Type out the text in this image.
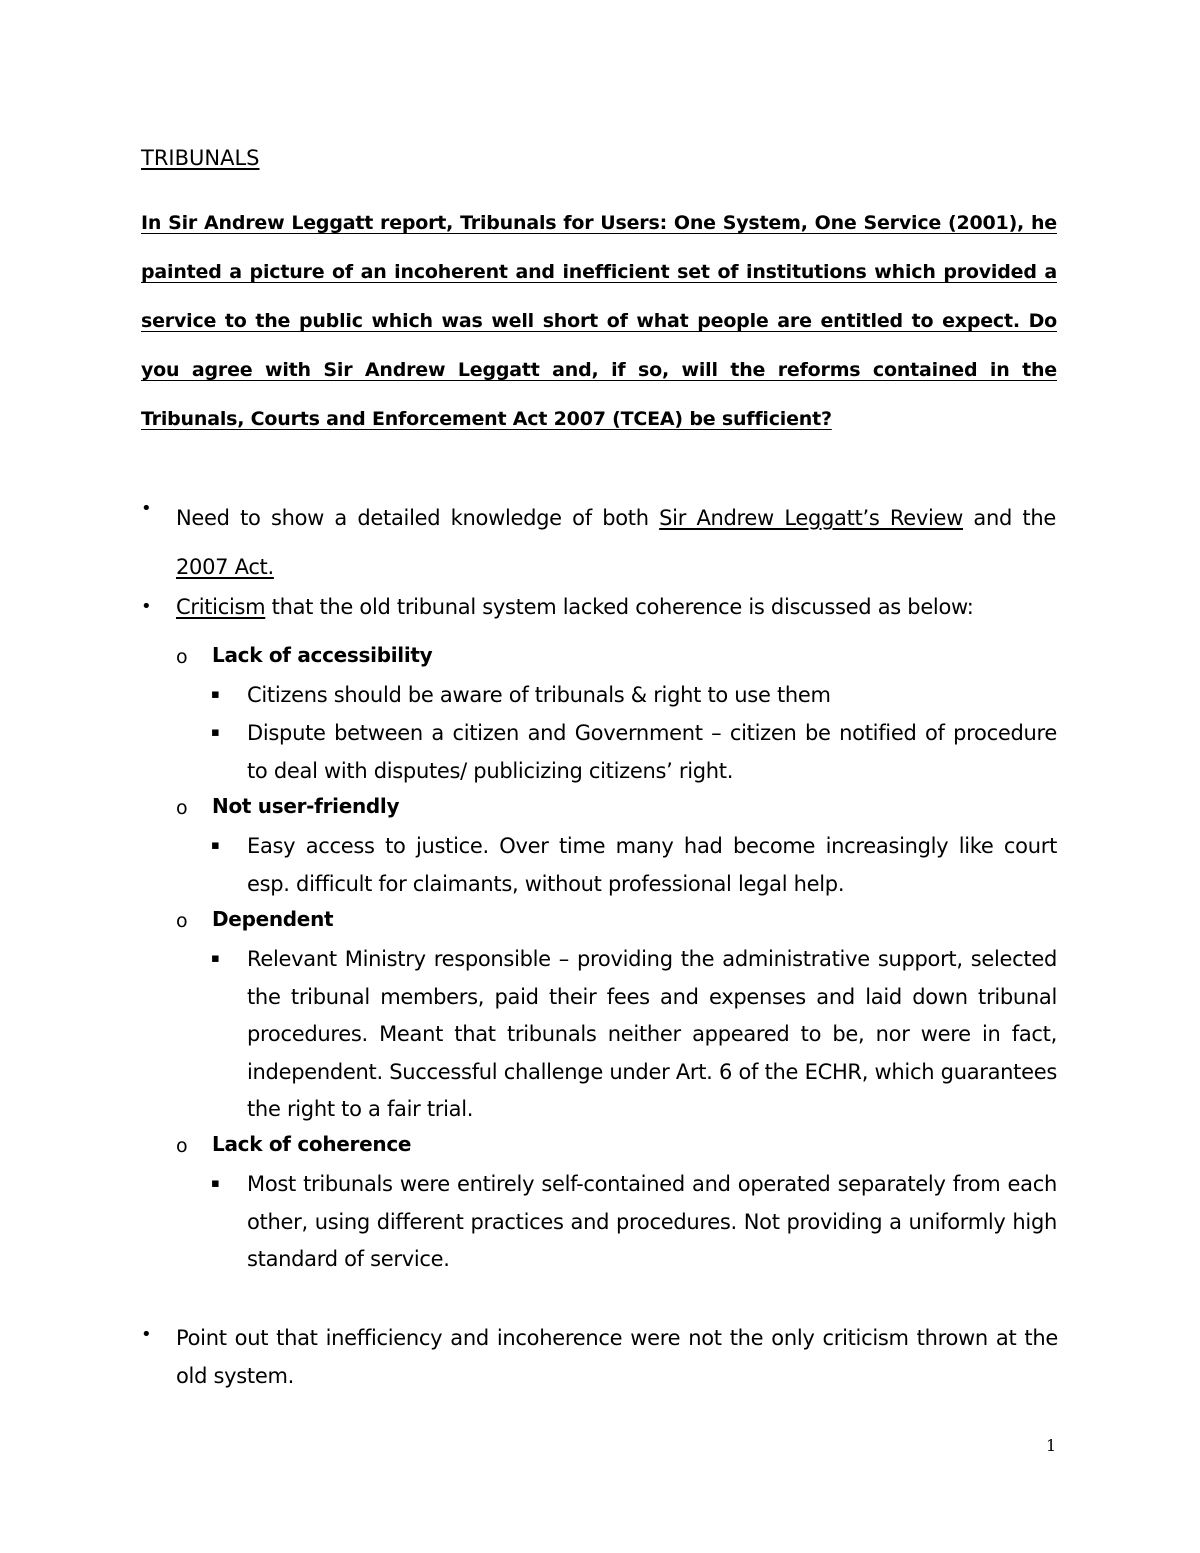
TRIBUNALS
In Sir Andrew Leggatt report, Tribunals for Users: One System, One Service (2001), he painted a picture of an incoherent and inefficient set of institutions which provided a service to the public which was well short of what people are entitled to expect. Do you agree with Sir Andrew Leggatt and, if so, will the reforms contained in the Tribunals, Courts and Enforcement Act 2007 (TCEA) be sufficient?
• Need to show a detailed knowledge of both Sir Andrew Leggatt’s Review and the 2007 Act.
• Criticism that the old tribunal system lacked coherence is discussed as below:
o Lack of accessibility
▪ Citizens should be aware of tribunals & right to use them
▪ Dispute between a citizen and Government – citizen be notified of procedure to deal with disputes/ publicizing citizens’ right.
o Not user-friendly
▪ Easy access to justice. Over time many had become increasingly like court esp. difficult for claimants, without professional legal help.
o Dependent
▪ Relevant Ministry responsible – providing the administrative support, selected the tribunal members, paid their fees and expenses and laid down tribunal procedures. Meant that tribunals neither appeared to be, nor were in fact, independent. Successful challenge under Art. 6 of the ECHR, which guarantees the right to a fair trial.
o Lack of coherence
▪ Most tribunals were entirely self-contained and operated separately from each other, using different practices and procedures. Not providing a uniformly high standard of service.
• Point out that inefficiency and incoherence were not the only criticism thrown at the old system.
1
